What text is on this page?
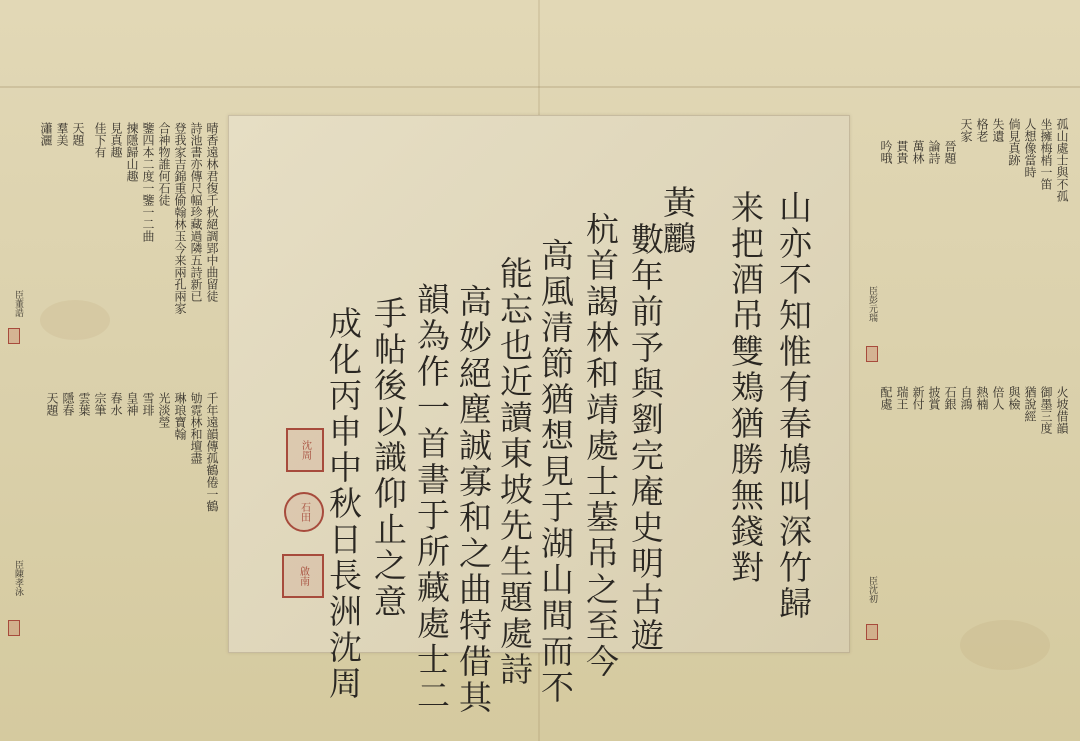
山亦不知惟有春鳩叫深竹歸
来把酒吊雙鳷猶勝無錢對
黃鸝
數年前予與劉完庵史明古遊
杭首謁林和靖處士墓吊之至今
高風清節猶想見于湖山間而不
能忘也近讀東坡先生題處詩
高妙絕塵誠寡和之曲特借其
韻為作一首書于所藏處士二
手帖後以識仰止之意
成化丙申中秋日長洲沈周
沈周
石田
啟南
晴香遠林君復千秋絕調郢中曲留徒
詩池書亦傳尺幅珍藏過隣五詩新已
登我家吉錦重偷翰林玉今来兩孔兩家
合神物誰何石徒
鑒四本二度一鑒一二曲
揀隱歸山趣
見真趣
佳下有
天題
羣美
瀟灑
臣董誥
千年遠韻傳孤鶴倦一鶴
劬霓林和壇盡
琳琅寶翰
光淡瑩
雪琲
皇神
春水
宗筆
雲葉
隱春
天題
臣陳孝泳
孤山處士與不孤
坐擁梅梢一笛
人想像當時
倘見真跡
失遺
格老
天家
晉題
論詩
萬林
貫貴
吟哦
臣彭元瑞
火坡借韻
御墨三度
猶說經
與檢
倍人
熱楠
自鴻
石銀
披賞
新付
瑞王
配處
臣沈初
